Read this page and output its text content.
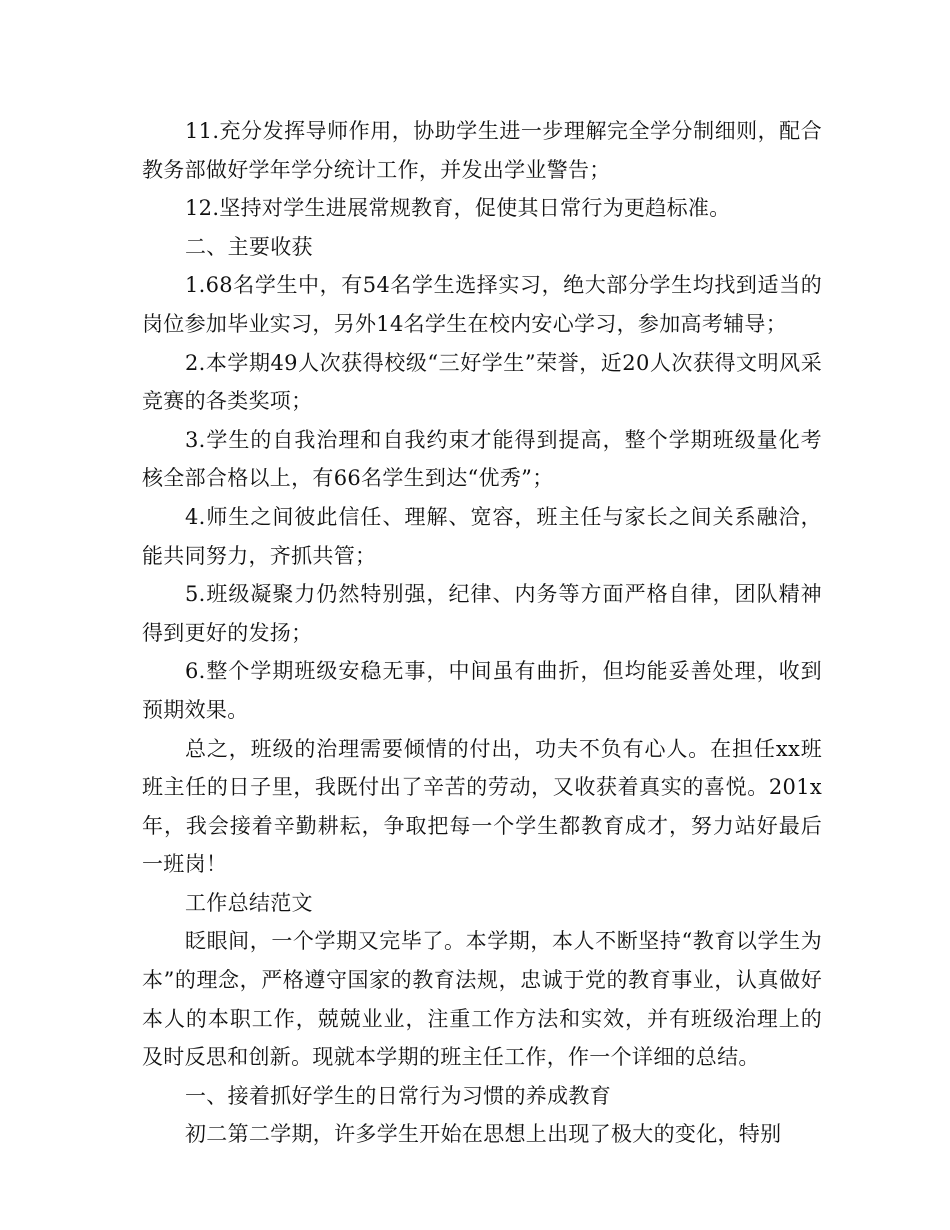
11.充分发挥导师作用，协助学生进一步理解完全学分制细则，配合教务部做好学年学分统计工作，并发出学业警告；

12.坚持对学生进展常规教育，促使其日常行为更趋标准。

二、主要收获

1.68名学生中，有54名学生选择实习，绝大部分学生均找到适当的岗位参加毕业实习，另外14名学生在校内安心学习，参加高考辅导；

2.本学期49人次获得校级“三好学生”荣誉，近20人次获得文明风采竞赛的各类奖项；

3.学生的自我治理和自我约束才能得到提高，整个学期班级量化考核全部合格以上，有66名学生到达“优秀”；

4.师生之间彼此信任、理解、宽容，班主任与家长之间关系融洽，能共同努力，齐抓共管；

5.班级凝聚力仍然特别强，纪律、内务等方面严格自律，团队精神得到更好的发扬；

6.整个学期班级安稳无事，中间虽有曲折，但均能妥善处理，收到预期效果。

总之，班级的治理需要倾情的付出，功夫不负有心人。在担任xx班班主任的日子里，我既付出了辛苦的劳动，又收获着真实的喜悦。201x年，我会接着辛勤耕耘，争取把每一个学生都教育成才，努力站好最后一班岗！

工作总结范文

眨眼间，一个学期又完毕了。本学期，本人不断坚持“教育以学生为本”的理念，严格遵守国家的教育法规，忠诚于党的教育事业，认真做好本人的本职工作，兢兢业业，注重工作方法和实效，并有班级治理上的及时反思和创新。现就本学期的班主任工作，作一个详细的总结。

一、接着抓好学生的日常行为习惯的养成教育

初二第二学期，许多学生开始在思想上出现了极大的变化，特别
